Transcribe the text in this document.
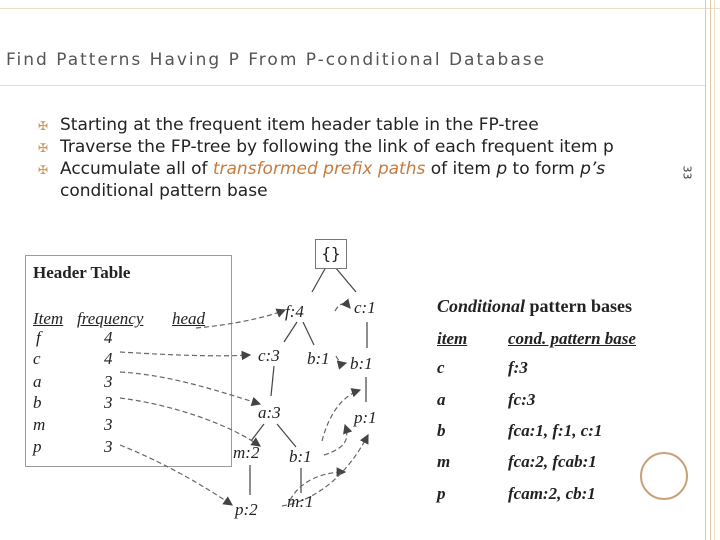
Find Patterns Having P From P-conditional Database
✠ Starting at the frequent item header table in the FP-tree
✠ Traverse the FP-tree by following the link of each frequent item p
✠ Accumulate all of transformed prefix paths of item p to form p’s conditional pattern base
33
Header Table
Item frequency head
f	4
c	4
a	3
b	3
m	3
p	3
{}
f:4	c:1
c:3 b:1 b:1
a:3	p:1
m:2 b:1
p:2 m:1
Conditional pattern bases
item cond. pattern base
c	f:3
a	fc:3
b	fca:1, f:1, c:1
m	fca:2, fcab:1
p	fcam:2, cb:1
